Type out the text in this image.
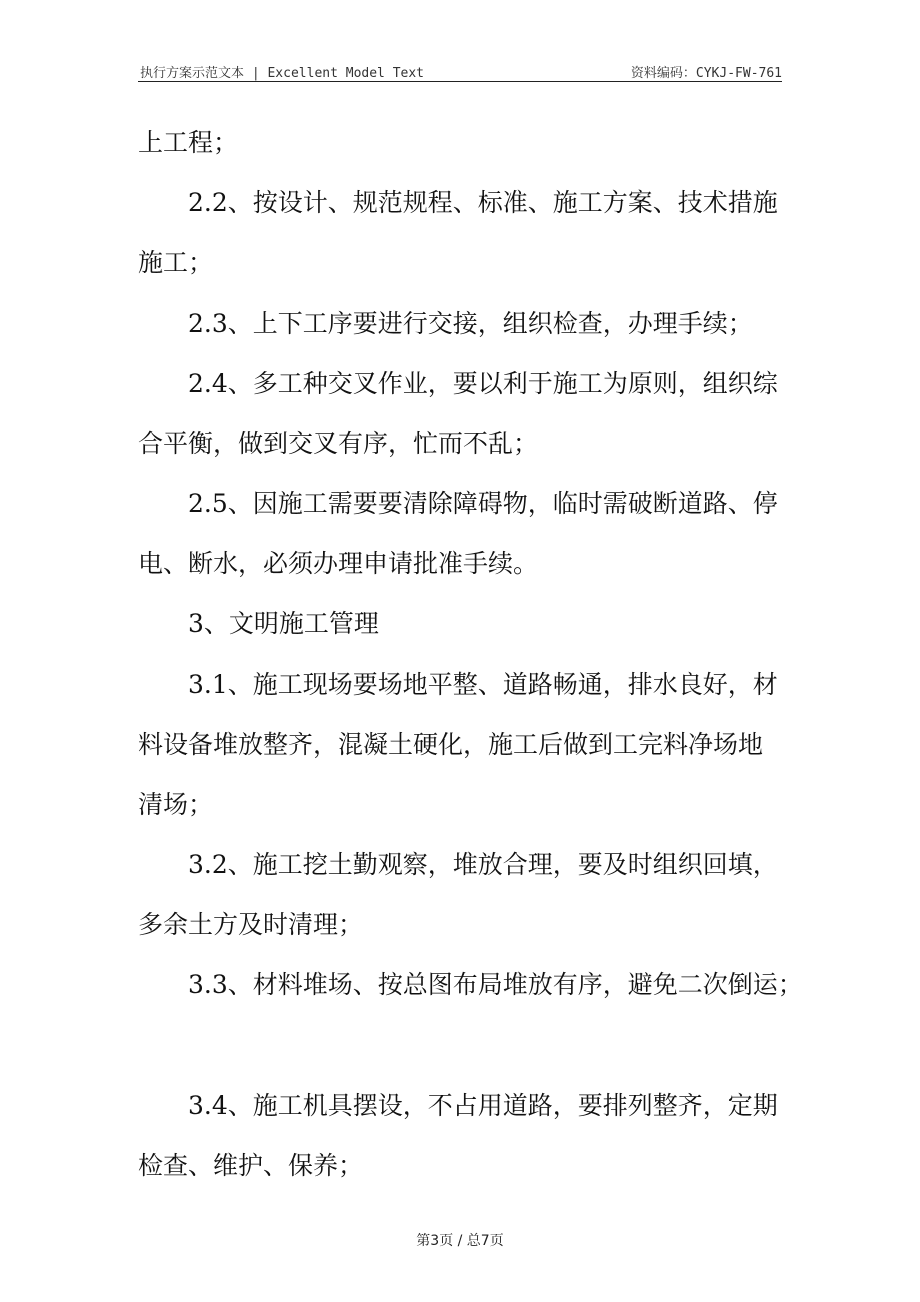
执行方案示范文本 | Excellent Model Text	资料编码：CYKJ-FW-761
上工程；
2.2、按设计、规范规程、标准、施工方案、技术措施
施工；
2.3、上下工序要进行交接，组织检查，办理手续；
2.4、多工种交叉作业，要以利于施工为原则，组织综
合平衡，做到交叉有序，忙而不乱；
2.5、因施工需要要清除障碍物，临时需破断道路、停
电、断水，必须办理申请批准手续。
3、文明施工管理
3.1、施工现场要场地平整、道路畅通，排水良好，材
料设备堆放整齐，混凝土硬化，施工后做到工完料净场地
清场；
3.2、施工挖土勤观察，堆放合理，要及时组织回填，
多余土方及时清理；
3.3、材料堆场、按总图布局堆放有序，避免二次倒运；
3.4、施工机具摆设，不占用道路，要排列整齐，定期
检查、维护、保养；
第3页 / 总7页
